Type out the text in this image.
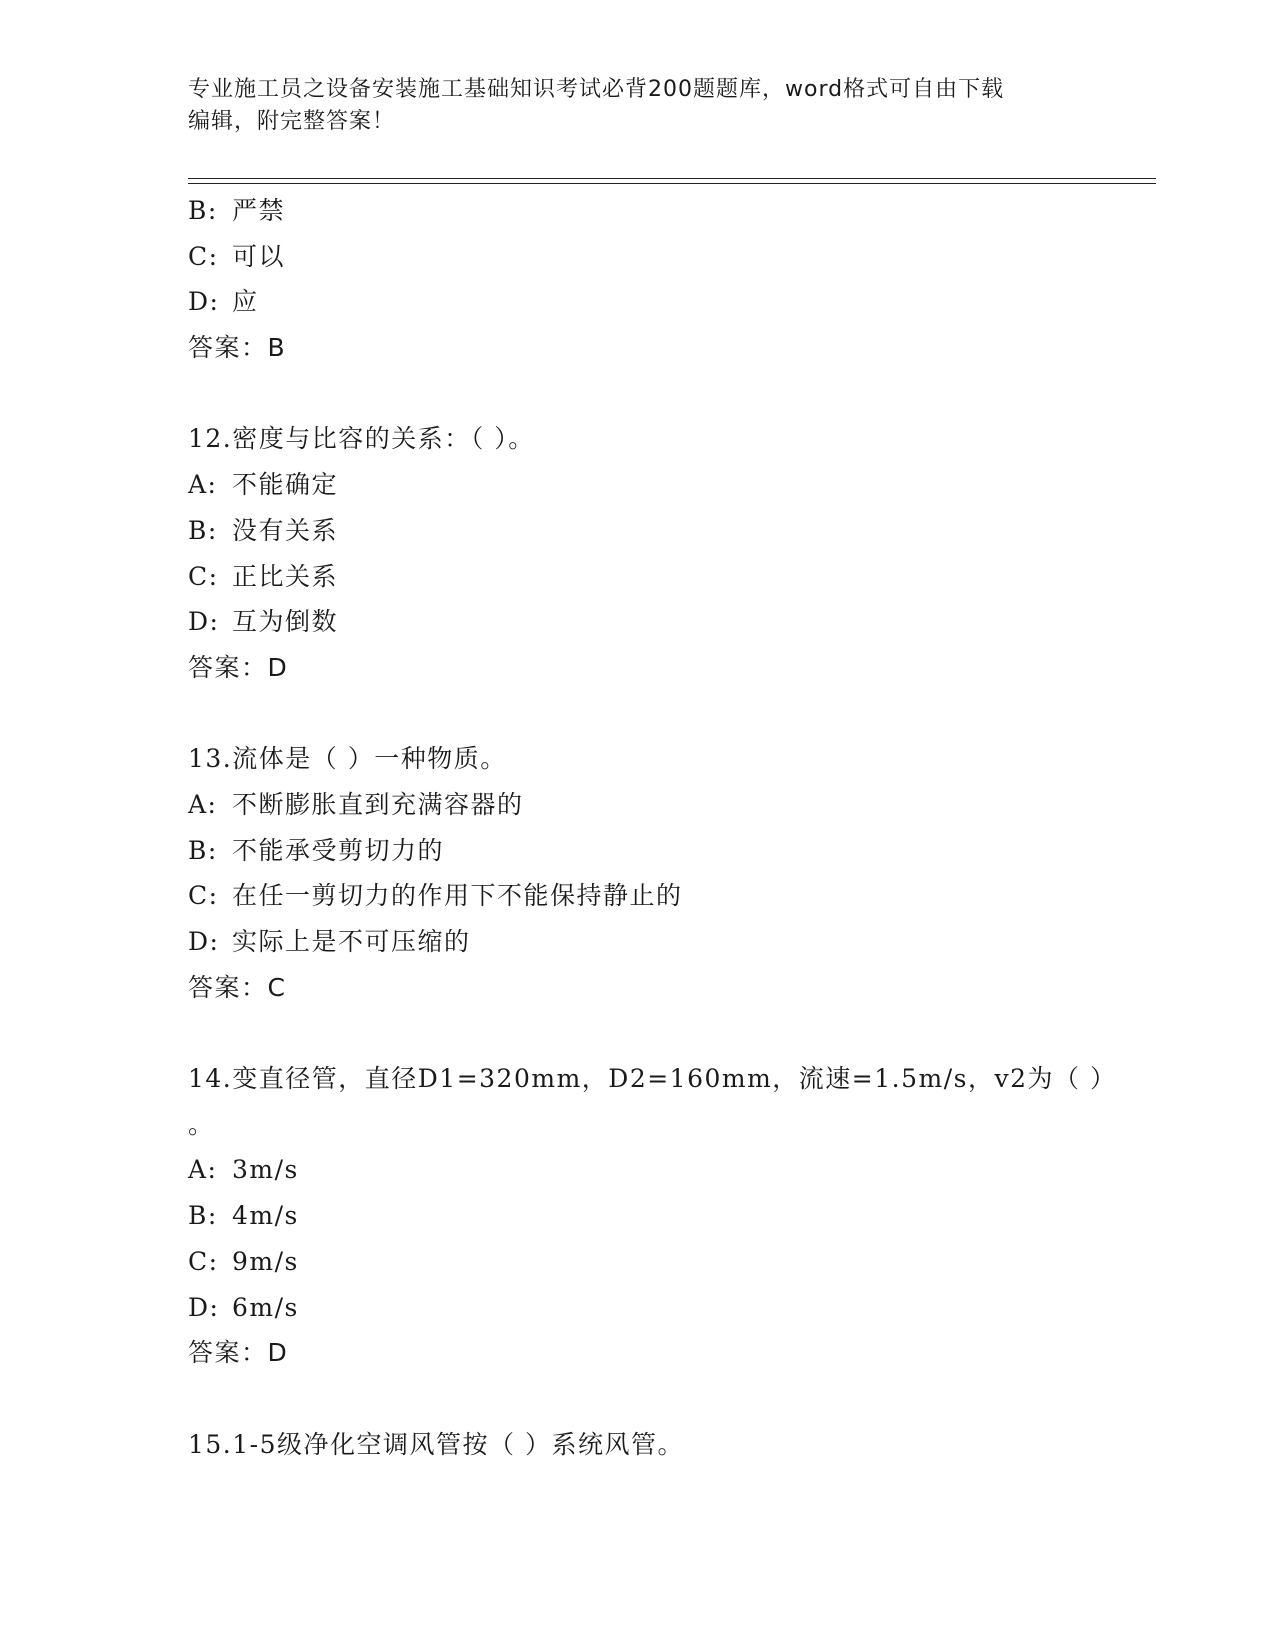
专业施工员之设备安装施工基础知识考试必背200题题库，word格式可自由下载
编辑，附完整答案！
B: 严禁
C: 可以
D: 应
答案：B
12.密度与比容的关系：（ ）。
A: 不能确定
B: 没有关系
C: 正比关系
D: 互为倒数
答案：D
13.流体是（ ）一种物质。
A: 不断膨胀直到充满容器的
B: 不能承受剪切力的
C: 在任一剪切力的作用下不能保持静止的
D: 实际上是不可压缩的
答案：C
14.变直径管，直径D1=320mm，D2=160mm，流速=1.5m/s，v2为（ ）
。
A: 3m/s
B: 4m/s
C: 9m/s
D: 6m/s
答案：D
15.1-5级净化空调风管按（ ）系统风管。
